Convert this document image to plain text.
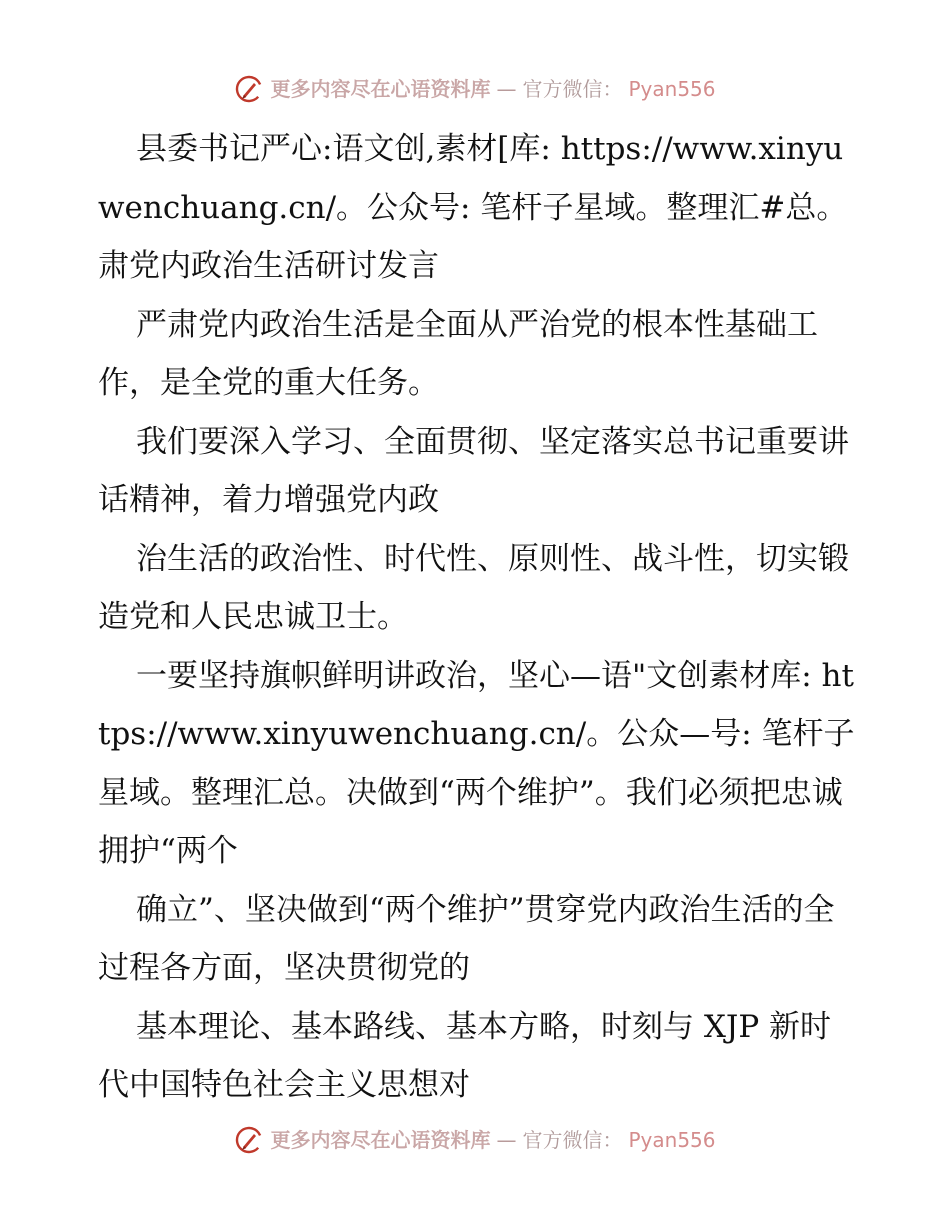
更多内容尽在心语资料库 — 官方微信： Pyan556

县委书记严心:语文创,素材[库: https://www.xinyuwenchuang.cn/。公众号: 笔杆子星域。整理汇#总。肃党内政治生活研讨发言

严肃党内政治生活是全面从严治党的根本性基础工作，是全党的重大任务。

我们要深入学习、全面贯彻、坚定落实总书记重要讲话精神，着力增强党内政

治生活的政治性、时代性、原则性、战斗性，切实锻造党和人民忠诚卫士。

一要坚持旗帜鲜明讲政治，坚心—语"文创素材库: https://www.xinyuwenchuang.cn/。公众—号: 笔杆子星域。整理汇总。决做到“两个维护”。我们必须把忠诚拥护“两个

确立”、坚决做到“两个维护”贯穿党内政治生活的全过程各方面，坚决贯彻党的

基本理论、基本路线、基本方略，时刻与 XJP 新时代中国特色社会主义思想对

更多内容尽在心语资料库 — 官方微信： Pyan556
